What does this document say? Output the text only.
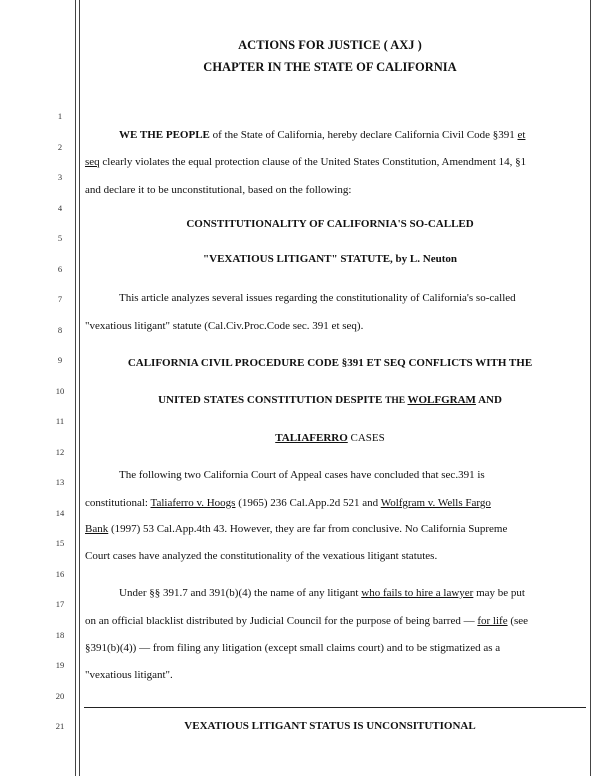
1
2
3
4
5
6
7
8
9
10
11
12
13
14
15
16
17
18
19
20
21
ACTIONS FOR JUSTICE ( AXJ )
CHAPTER IN THE STATE OF CALIFORNIA
WE THE PEOPLE of the State of California, hereby declare California Civil Code §391 et
seq clearly violates the equal protection clause of the United States Constitution, Amendment 14, §1
and declare it to be unconstitutional, based on the following:
CONSTITUTIONALITY OF CALIFORNIA'S SO-CALLED
"VEXATIOUS LITIGANT" STATUTE, by L. Neuton
This article analyzes several issues regarding the constitutionality of California's so-called
"vexatious litigant" statute (Cal.Civ.Proc.Code sec. 391 et seq).
CALIFORNIA CIVIL PROCEDURE CODE §391 ET SEQ CONFLICTS WITH THE
UNITED STATES CONSTITUTION DESPITE THE WOLFGRAM AND
TALIAFERRO CASES
The following two California Court of Appeal cases have concluded that sec.391 is
constitutional: Taliaferro v. Hoogs (1965) 236 Cal.App.2d 521 and Wolfgram v. Wells Fargo
Bank (1997) 53 Cal.App.4th 43. However, they are far from conclusive. No California Supreme
Court cases have analyzed the constitutionality of the vexatious litigant statutes.
Under §§ 391.7 and 391(b)(4) the name of any litigant who fails to hire a lawyer may be put
on an official blacklist distributed by Judicial Council for the purpose of being barred — for life (see
§391(b)(4)) — from filing any litigation (except small claims court) and to be stigmatized as a
"vexatious litigant".
VEXATIOUS LITIGANT STATUS IS UNCONSITUTIONAL
